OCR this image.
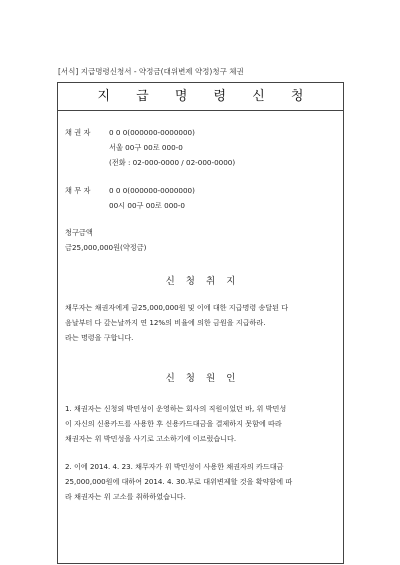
[서식] 지급명령신청서 - 약정금(대위변제 약정)청구 체권
지 급 명 령 신 청
채 권 자	0 0 0(000000-0000000)
서울 00구 00로 000-0
(전화 : 02-000-0000 / 02-000-0000)
채 무 자	0 0 0(000000-0000000)
00시 00구 00로 000-0
청구금액
금25,000,000원(약정금)
신 청 취 지
채무자는 채권자에게 금25,000,000원 및 이에 대한 지급명령 송달된 다
음날부터 다 갚는날까지 연 12%의 비율에 의한 금원을 지급하라.
라는 명령을 구합니다.
신 청 원 인
1. 채권자는 신청외 박민성이 운영하는 회사의 직원이었던 바, 위 박민성
이 자신의 신용카드를 사용한 후 신용카드대금을 결제하지 못함에 따라
채권자는 위 박민성을 사기로 고소하기에 이르렀습니다.
2. 이에 2014. 4. 23. 채무자가 위 박민성이 사용한 채권자의 카드대금
25,000,000원에 대하여 2014. 4. 30.부로 대위변제할 것을 확약함에 따
라 채권자는 위 고소를 취하하였습니다.
